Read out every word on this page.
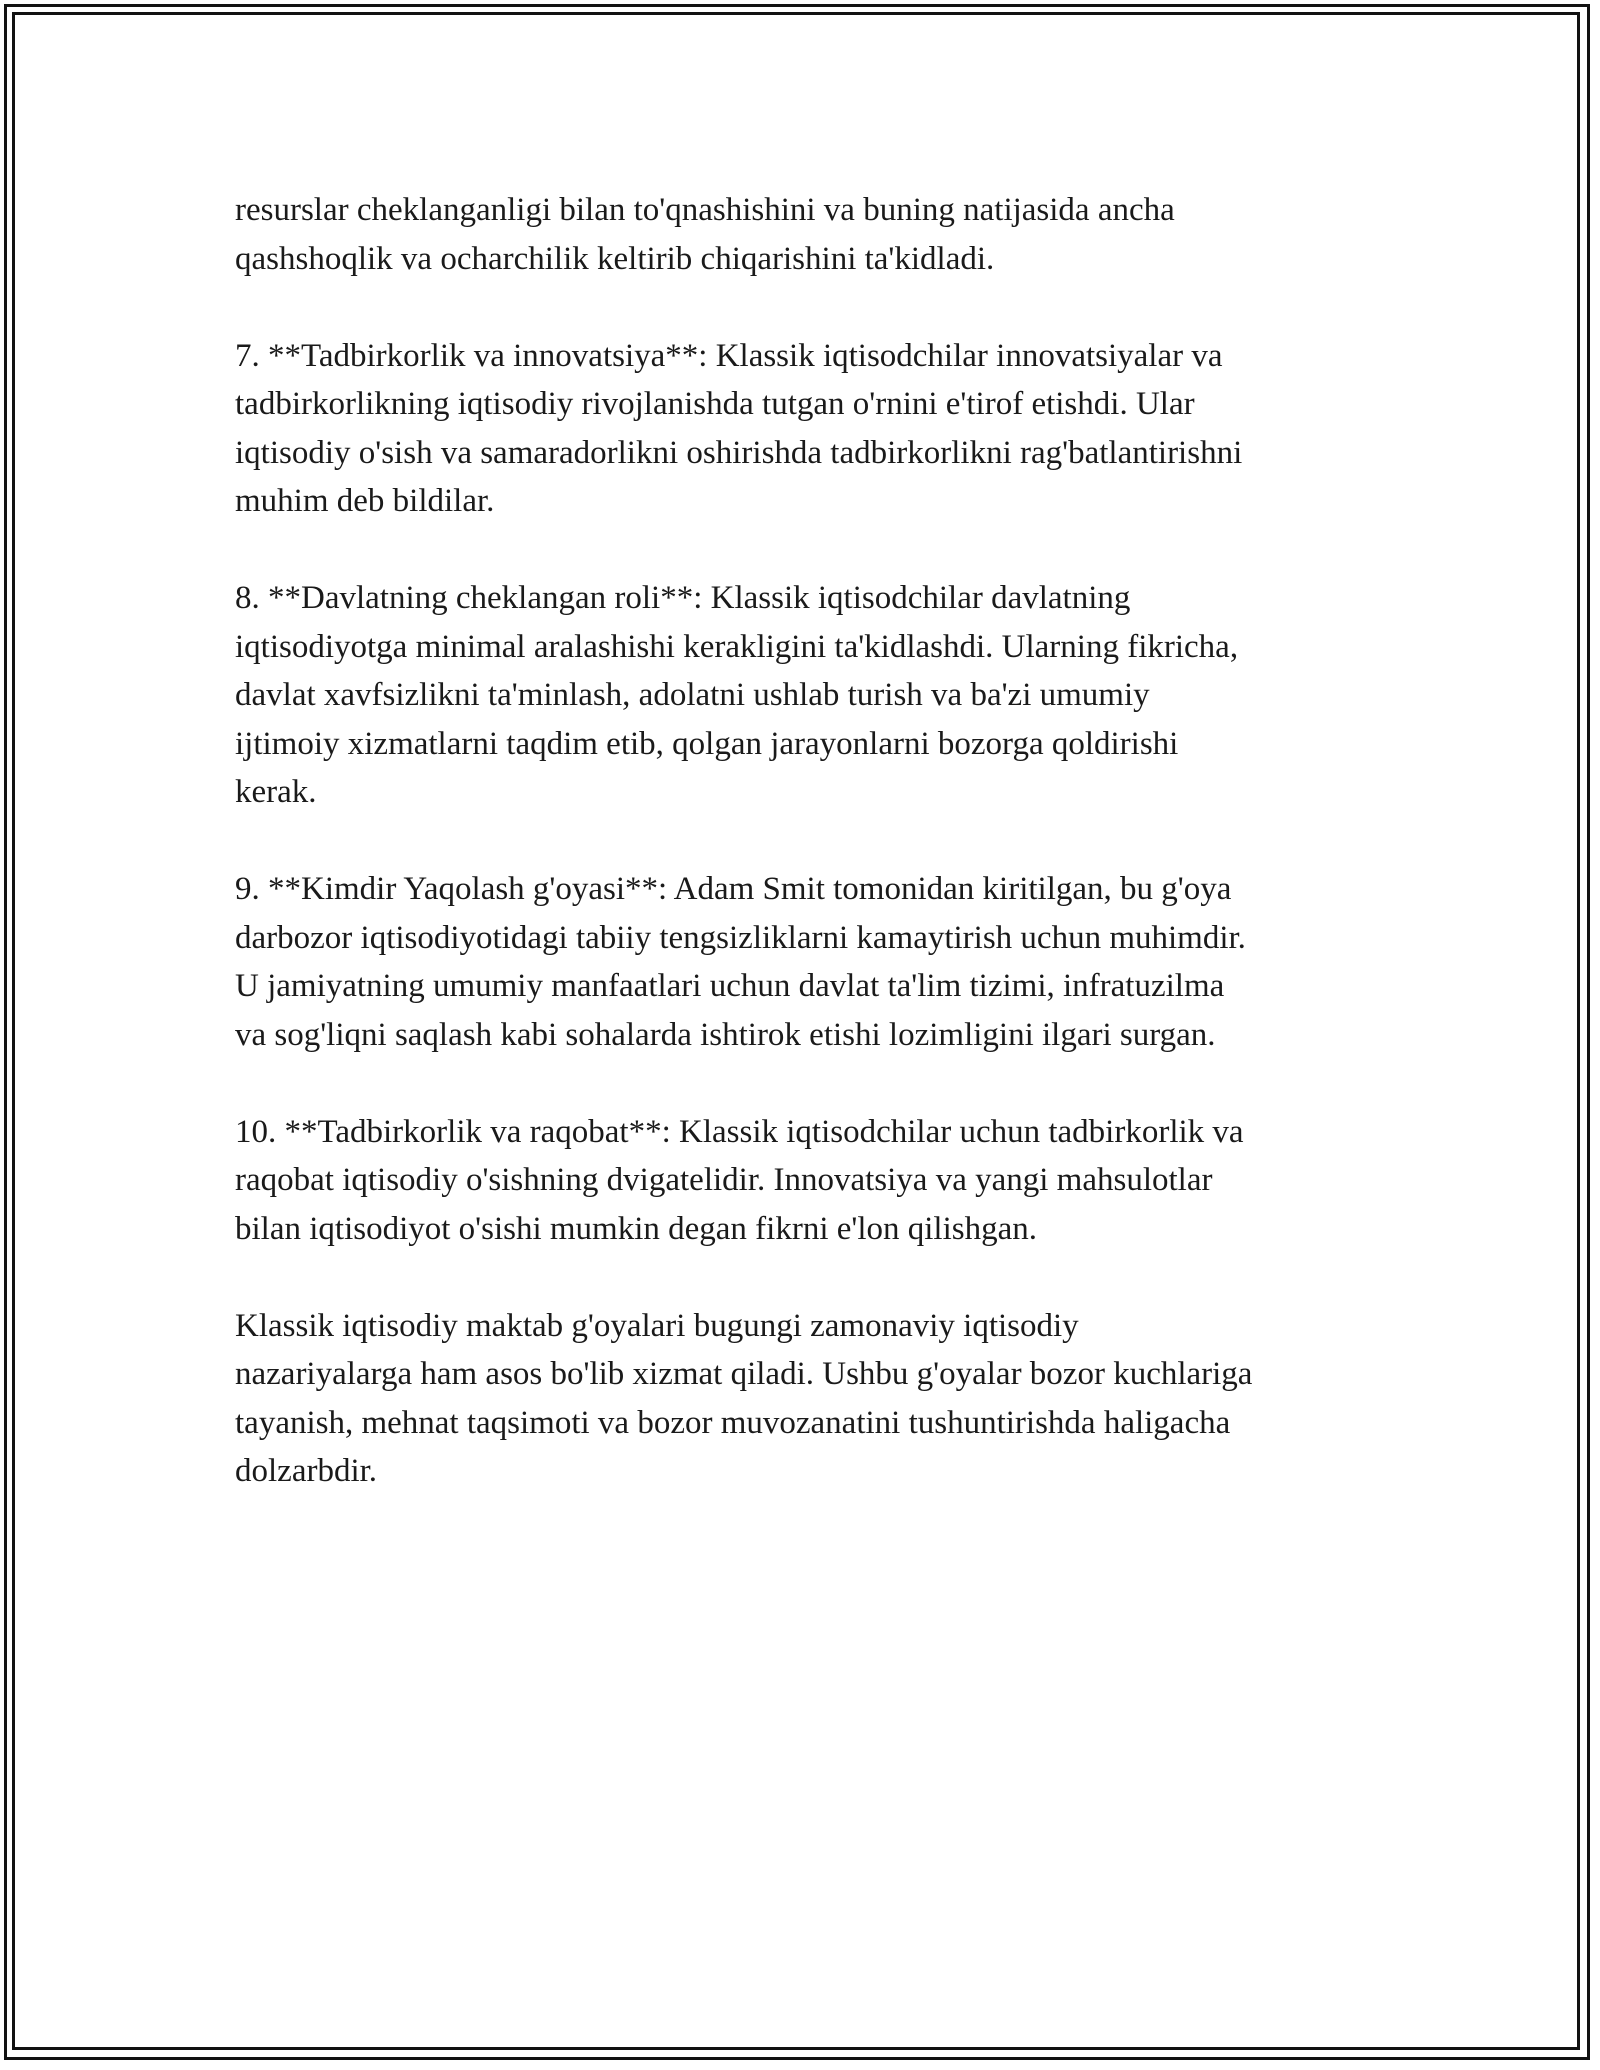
resurslar cheklanganligi bilan to'qnashishini va buning natijasida ancha
qashshoqlik va ocharchilik keltirib chiqarishini ta'kidladi.

7. **Tadbirkorlik va innovatsiya**: Klassik iqtisodchilar innovatsiyalar va
tadbirkorlikning iqtisodiy rivojlanishda tutgan o'rnini e'tirof etishdi. Ular
iqtisodiy o'sish va samaradorlikni oshirishda tadbirkorlikni rag'batlantirishni
muhim deb bildilar.

8. **Davlatning cheklangan roli**: Klassik iqtisodchilar davlatning
iqtisodiyotga minimal aralashishi kerakligini ta'kidlashdi. Ularning fikricha,
davlat xavfsizlikni ta'minlash, adolatni ushlab turish va ba'zi umumiy
ijtimoiy xizmatlarni taqdim etib, qolgan jarayonlarni bozorga qoldirishi
kerak.

9. **Kimdir Yaqolash g'oyasi**: Adam Smit tomonidan kiritilgan, bu g'oya
darbozor iqtisodiyotidagi tabiiy tengsizliklarni kamaytirish uchun muhimdir.
U jamiyatning umumiy manfaatlari uchun davlat ta'lim tizimi, infratuzilma
va sog'liqni saqlash kabi sohalarda ishtirok etishi lozimligini ilgari surgan.

10. **Tadbirkorlik va raqobat**: Klassik iqtisodchilar uchun tadbirkorlik va
raqobat iqtisodiy o'sishning dvigatelidir. Innovatsiya va yangi mahsulotlar
bilan iqtisodiyot o'sishi mumkin degan fikrni e'lon qilishgan.

Klassik iqtisodiy maktab g'oyalari bugungi zamonaviy iqtisodiy
nazariyalarga ham asos bo'lib xizmat qiladi. Ushbu g'oyalar bozor kuchlariga
tayanish, mehnat taqsimoti va bozor muvozanatini tushuntirishda haligacha
dolzarbdir.
